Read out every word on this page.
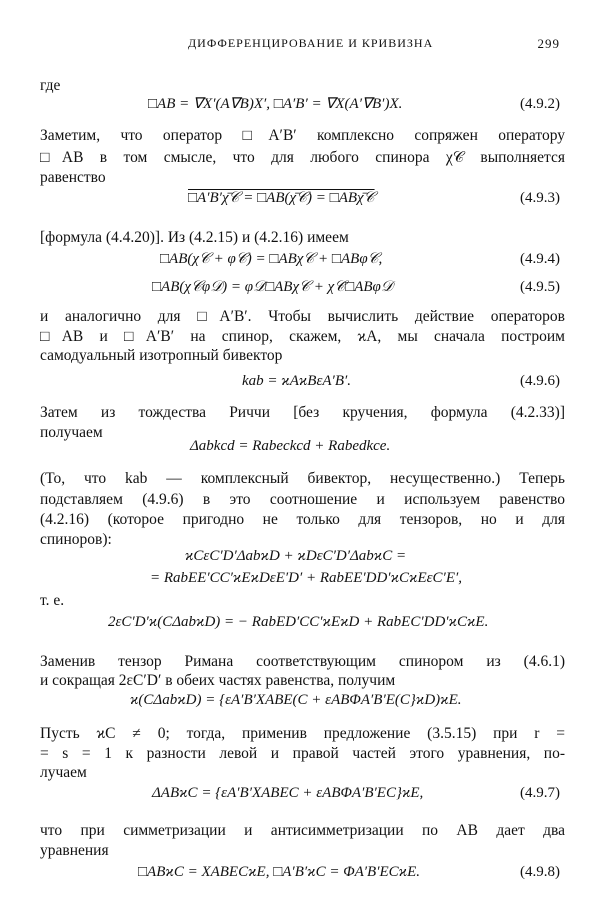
ДИФФЕРЕНЦИРОВАНИЕ И КРИВИЗНА	299
где
□AB = ∇X′(A∇B)X′, □A′B′ = ∇X(A′∇B′)X.	(4.9.2)
Заметим, что оператор □A′B′ комплексно сопряжен оператору
□AB в том смысле, что для любого спинора χ𝒞 выполняется
равенство
□A′B′χ̄𝒞 = □AB(χ̄𝒞) = □ABχ̄𝒞	(4.9.3)
[формула (4.4.20)]. Из (4.2.15) и (4.2.16) имеем
□AB(χ𝒞 + φ𝒞) = □ABχ𝒞 + □ABφ𝒞,	(4.9.4)
□AB(χ𝒞φ𝒟) = φ𝒟□ABχ𝒞 + χ𝒞□ABφ𝒟	(4.9.5)
и аналогично для □A′B′. Чтобы вычислить действие операторов
□AB и □A′B′ на спинор, скажем, ϰA, мы сначала построим
самодуальный изотропный бивектор
kab = ϰAϰBεA′B′.	(4.9.6)
Затем из тождества Риччи [без кручения, формула (4.2.33)]
получаем
Δabkcd = Rabeckcd + Rabedkce.
(То, что kab — комплексный бивектор, несущественно.) Теперь
подставляем (4.9.6) в это соотношение и используем равенство
(4.2.16) (которое пригодно не только для тензоров, но и для
спиноров):
ϰCεC′D′ΔabϰD + ϰDεC′D′ΔabϰC =
= RabEE′CC′ϰEϰDεE′D′ + RabEE′DD′ϰCϰEεC′E′,
т. е.
2εC′D′ϰ(CΔabϰD) = − RabED′CC′ϰEϰD + RabEC′DD′ϰCϰE.
Заменив тензор Римана соответствующим спинором из (4.6.1)
и сокращая 2εC′D′ в обеих частях равенства, получим
ϰ(CΔabϰD) = {εA′B′XABE(C + εABΦA′B′E(C}ϰD)ϰE.
Пусть ϰC ≠ 0; тогда, применив предложение (3.5.15) при r =
= s = 1 к разности левой и правой частей этого уравнения, по-
лучаем
ΔABϰC = {εA′B′XABEC + εABΦA′B′EC}ϰE,	(4.9.7)
что при симметризации и антисимметризации по AB дает два
уравнения
□ABϰC = XABECϰE, □A′B′ϰC = ΦA′B′ECϰE.	(4.9.8)
